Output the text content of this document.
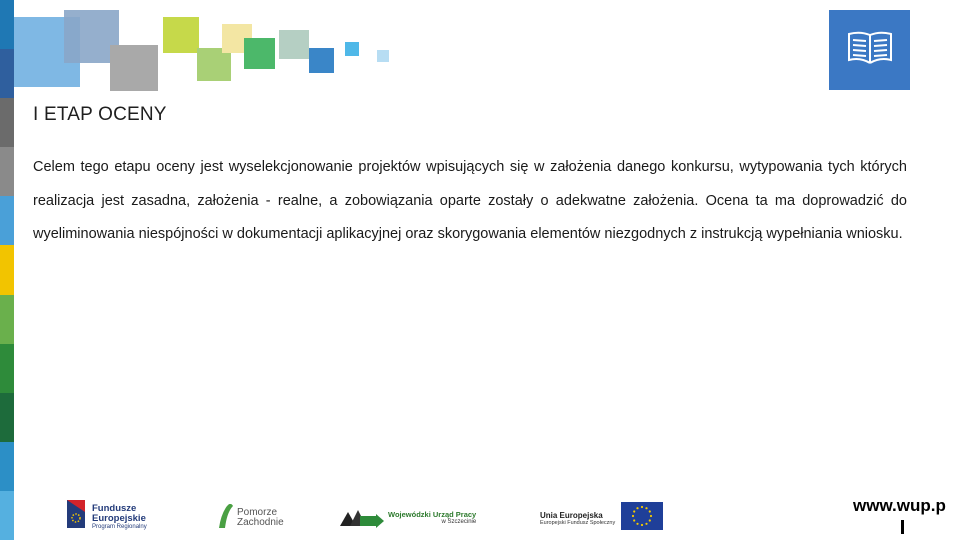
I ETAP OCENY
Celem tego etapu oceny jest wyselekcjonowanie projektów wpisujących się w założenia danego konkursu, wytypowania tych których realizacja jest zasadna, założenia - realne, a zobowiązania oparte zostały o adekwatne założenia. Ocena ta ma doprowadzić do wyeliminowania niespójności w dokumentacji aplikacyjnej oraz skorygowania elementów niezgodnych z instrukcją wypełniania wniosku.
Fundusze
Europejskie
Program Regionalny
Pomorze
Zachodnie
Wojewódzki Urząd Pracy
w Szczecinie
Unia Europejska
Europejski Fundusz Społeczny
www.wup.p
